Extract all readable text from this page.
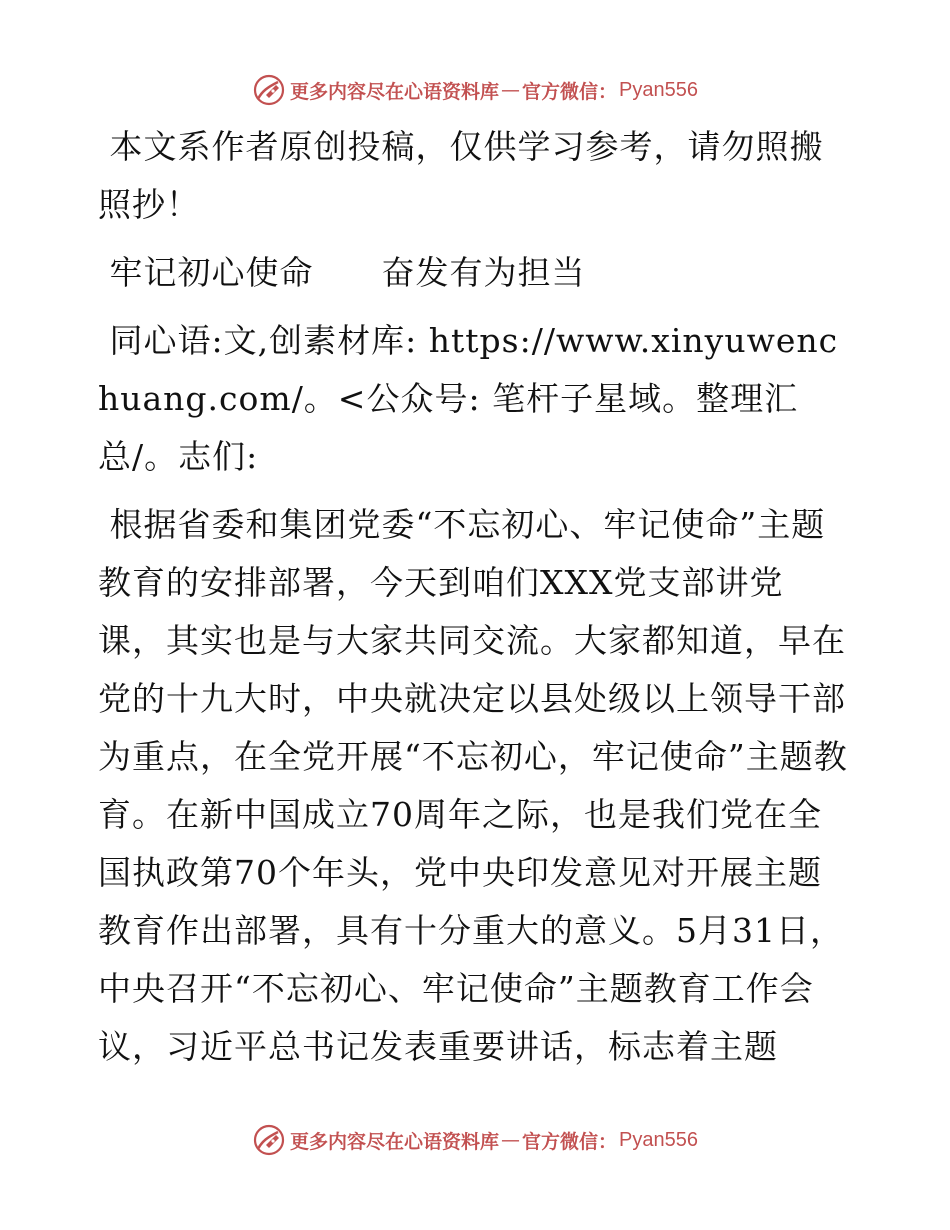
更多内容尽在心语资料库 — 官方微信： Pyan556

本文系作者原创投稿，仅供学习参考，请勿照搬照抄！

牢记初心使命　　奋发有为担当

同心语:文,创素材库: https://www.xinyuwenchuang.com/。<公众号: 笔杆子星域。整理汇总/。志们:

根据省委和集团党委“不忘初心、牢记使命”主题教育的安排部署，今天到咱们XXX党支部讲党课，其实也是与大家共同交流。大家都知道，早在党的十九大时，中央就决定以县处级以上领导干部为重点，在全党开展“不忘初心，牢记使命”主题教育。在新中国成立70周年之际，也是我们党在全国执政第70个年头，党中央印发意见对开展主题教育作出部署，具有十分重大的意义。5月31日，中央召开“不忘初心、牢记使命”主题教育工作会议，习近平总书记发表重要讲话，标志着主题

更多内容尽在心语资料库 — 官方微信： Pyan556
